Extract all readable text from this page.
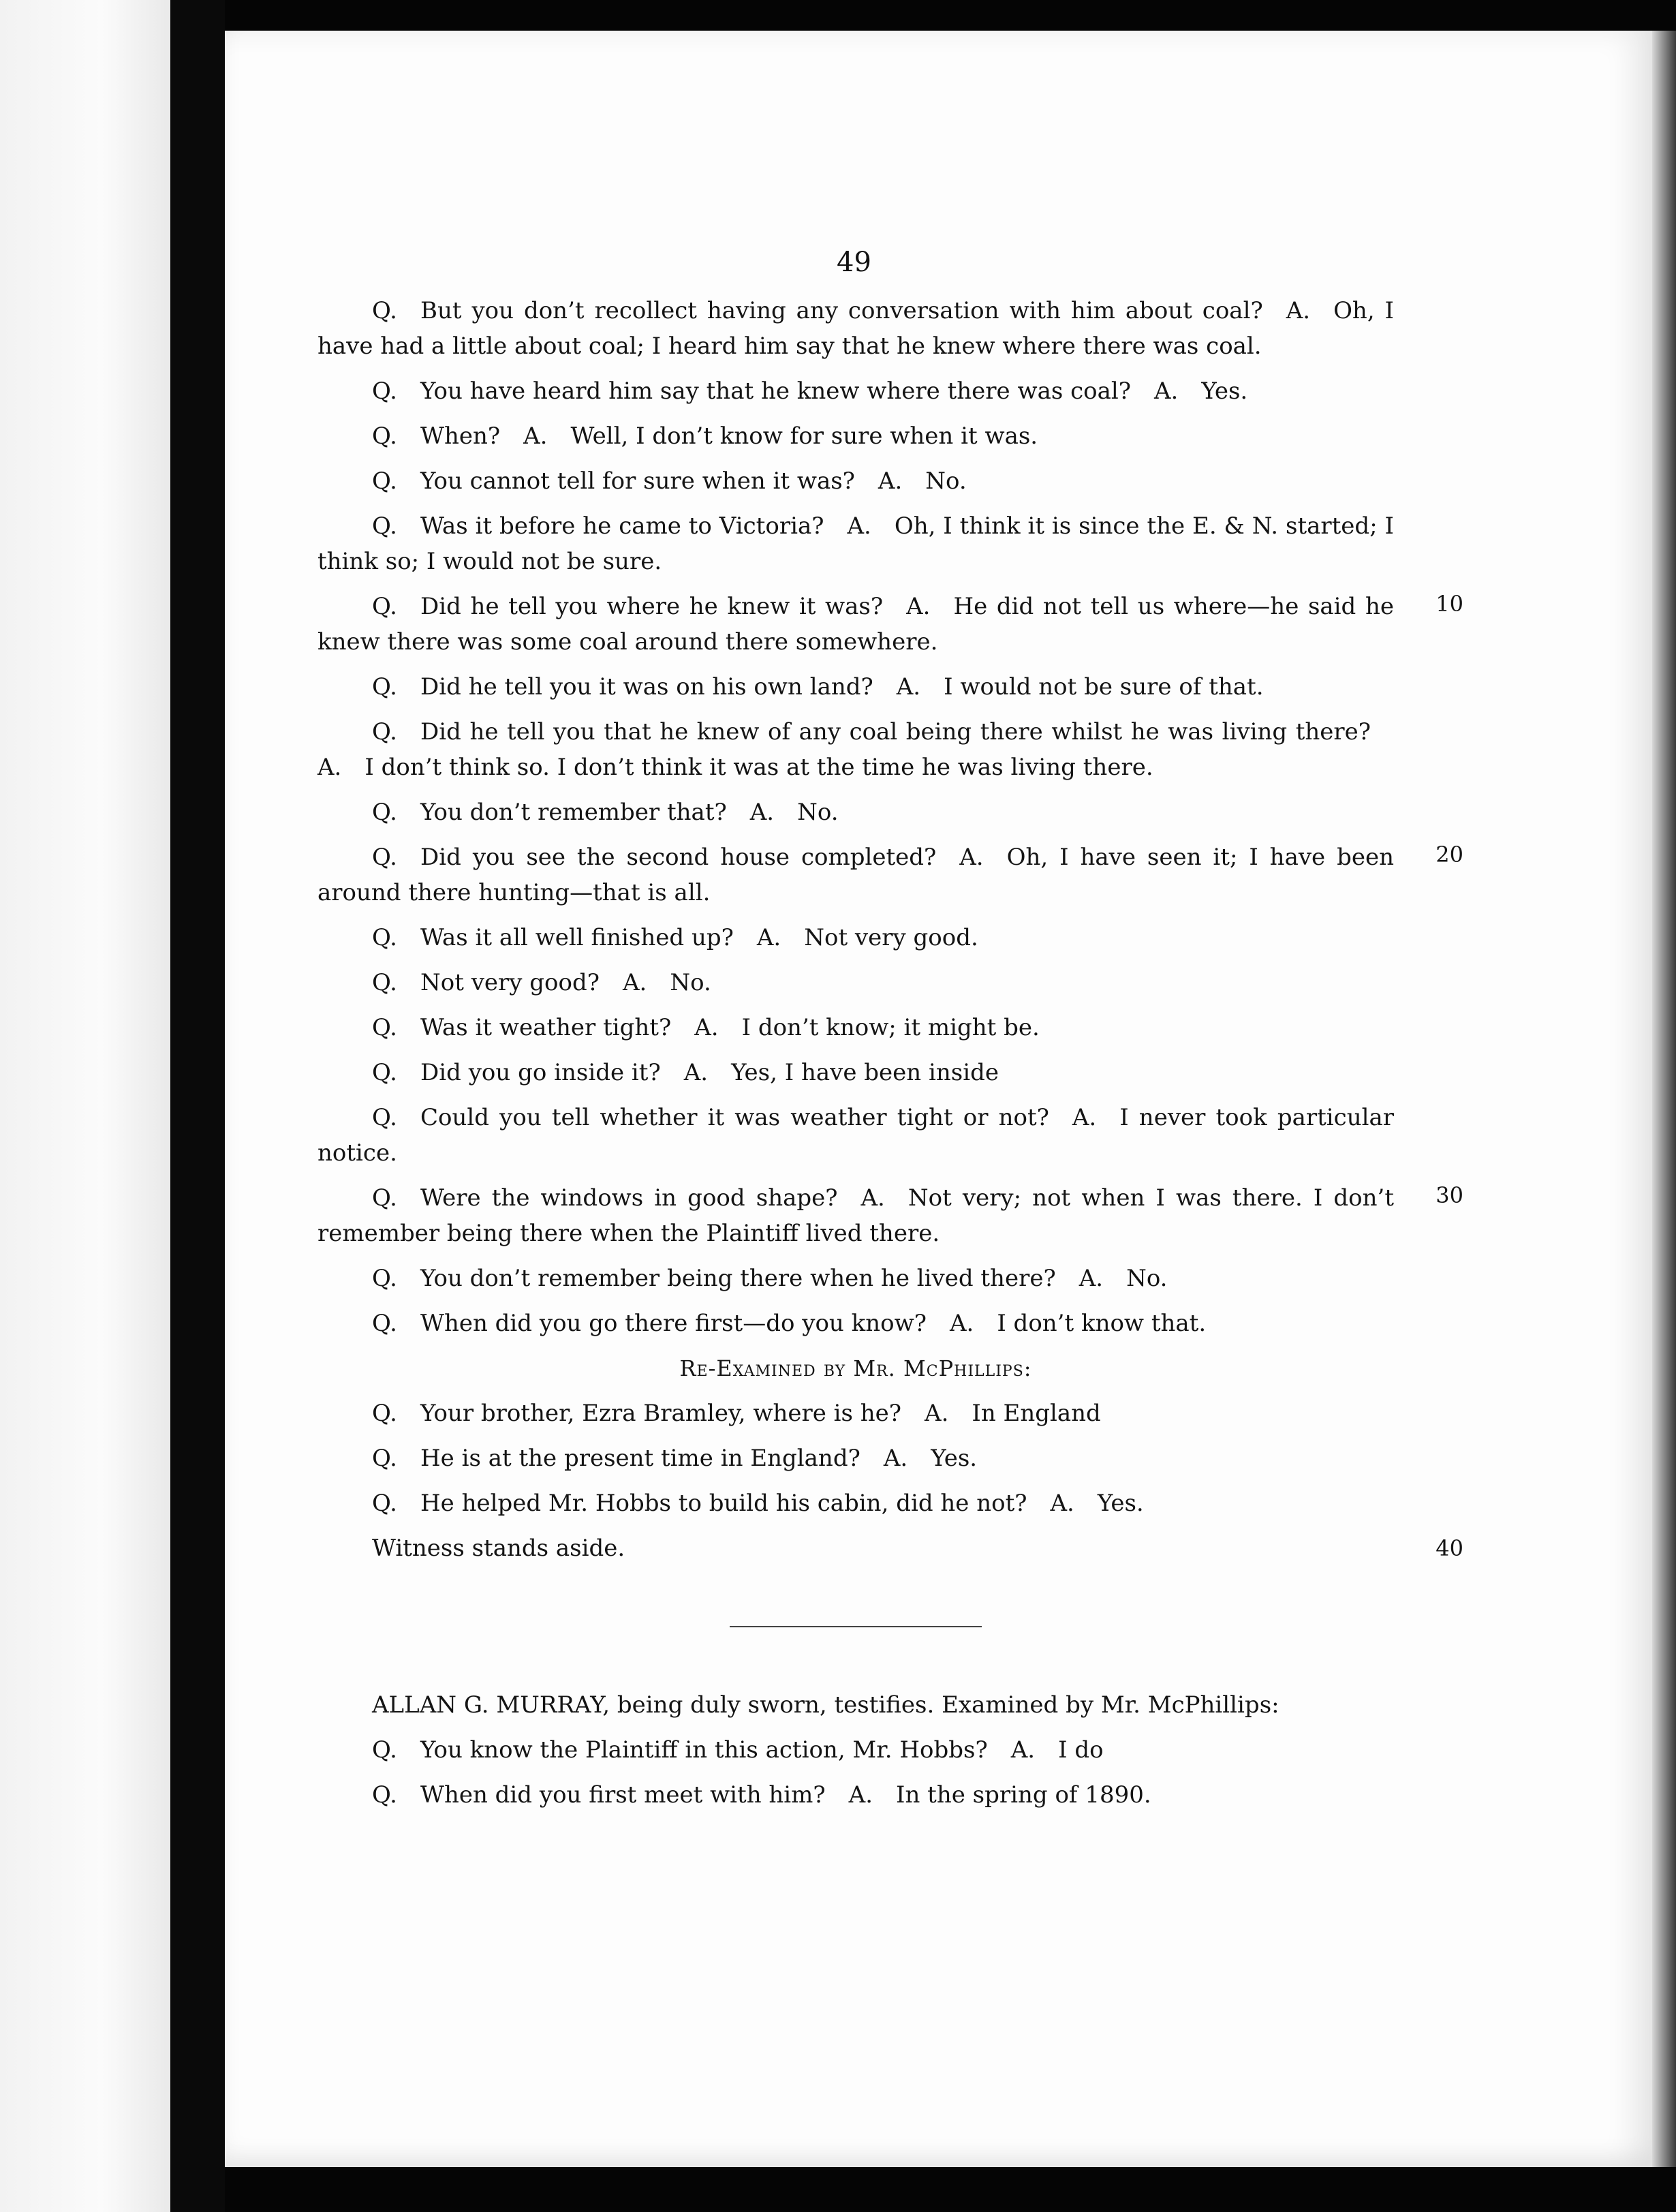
49
Q.  But you don’t recollect having any conversation with him about coal?  A.  Oh, I have had a little about coal; I heard him say that he knew where there was coal.
Q.  You have heard him say that he knew where there was coal?  A.  Yes.
Q.  When?  A.  Well, I don’t know for sure when it was.
Q.  You cannot tell for sure when it was?  A.  No.
Q.  Was it before he came to Victoria?  A.  Oh, I think it is since the E. & N. started; I think so; I would not be sure.
Q.  Did he tell you where he knew it was?  A.  He did not tell us where—he said he knew there was some coal around there somewhere.
10
Q.  Did he tell you it was on his own land?  A.  I would not be sure of that.
Q.  Did he tell you that he knew of any coal being there whilst he was living there? A.  I don’t think so. I don’t think it was at the time he was living there.
Q.  You don’t remember that?  A.  No.
Q.  Did you see the second house completed?  A.  Oh, I have seen it; I have been around there hunting—that is all.
20
Q.  Was it all well finished up?  A.  Not very good.
Q.  Not very good?  A.  No.
Q.  Was it weather tight?  A.  I don’t know; it might be.
Q.  Did you go inside it?  A.  Yes, I have been inside
Q.  Could you tell whether it was weather tight or not?  A.  I never took particular notice.
Q.  Were the windows in good shape?  A.  Not very; not when I was there. I don’t remember being there when the Plaintiff lived there.
30
Q.  You don’t remember being there when he lived there?  A.  No.
Q.  When did you go there first—do you know?  A.  I don’t know that.
Re-Examined by Mr. McPhillips:
Q.  Your brother, Ezra Bramley, where is he?  A.  In England
Q.  He is at the present time in England?  A.  Yes.
Q.  He helped Mr. Hobbs to build his cabin, did he not?  A.  Yes.
Witness stands aside.	40
ALLAN G. MURRAY, being duly sworn, testifies. Examined by Mr. McPhillips:
Q.  You know the Plaintiff in this action, Mr. Hobbs?  A.  I do
Q.  When did you first meet with him?  A.  In the spring of 1890.
